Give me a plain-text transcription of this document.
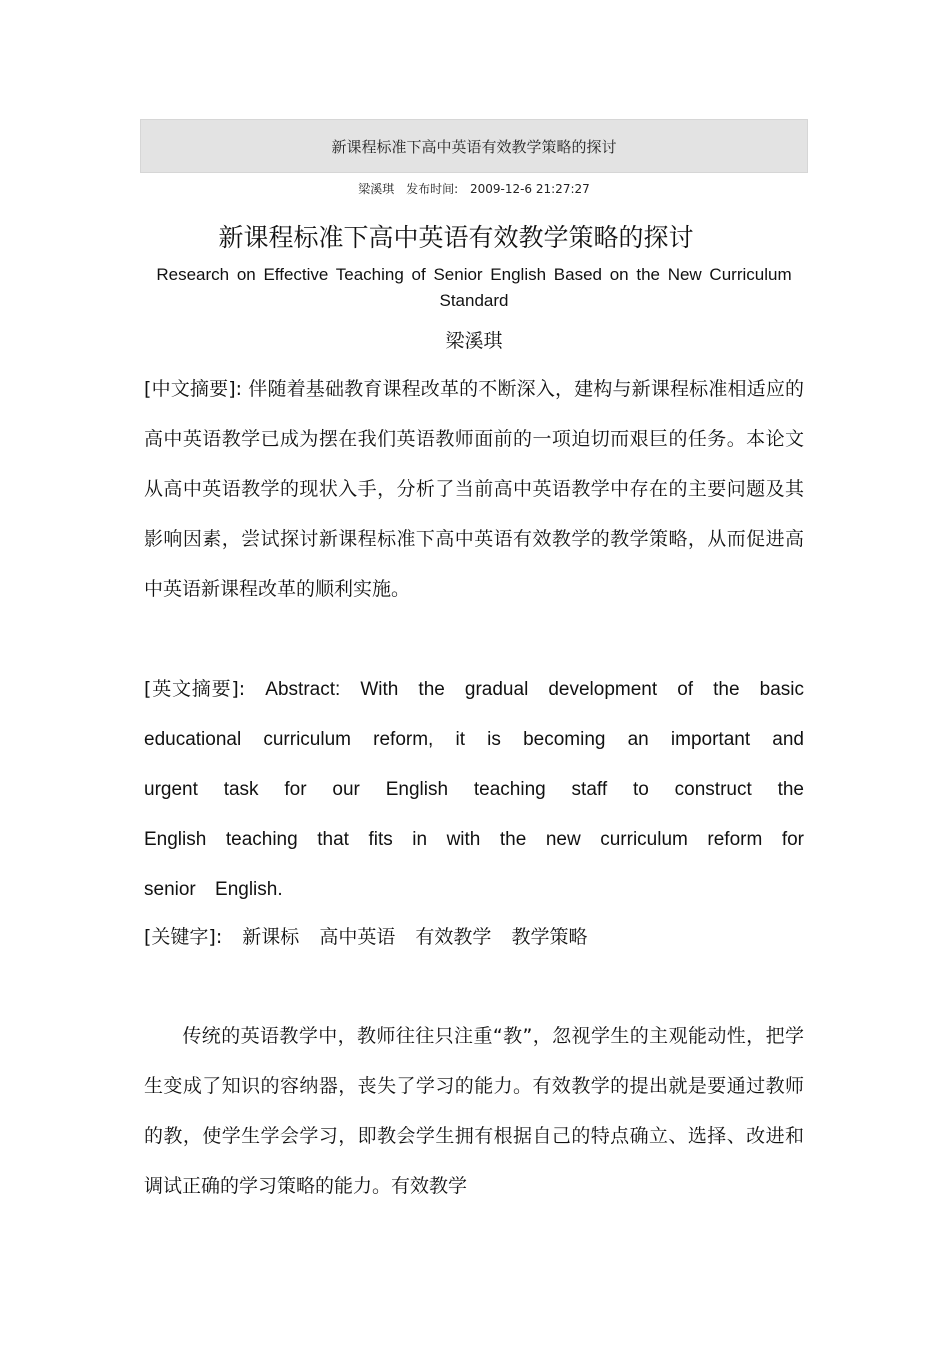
新课程标准下高中英语有效教学策略的探讨
梁溪琪 发布时间: 2009-12-6 21:27:27
新课程标准下高中英语有效教学策略的探讨
Research on Effective Teaching of Senior English Based on the New Curriculum Standard
梁溪琪
[中文摘要]: 伴随着基础教育课程改革的不断深入，建构与新课程标准相适应的高中英语教学已成为摆在我们英语教师面前的一项迫切而艰巨的任务。本论文从高中英语教学的现状入手，分析了当前高中英语教学中存在的主要问题及其影响因素，尝试探讨新课程标准下高中英语有效教学的教学策略，从而促进高中英语新课程改革的顺利实施。
[英文摘要]: Abstract: With the gradual development of the basic educational curriculum reform, it is becoming an important and urgent task for our English teaching staff to construct the English teaching that fits in with the new curriculum reform for senior English.
[关键字]: 新课标 高中英语 有效教学 教学策略
传统的英语教学中，教师往往只注重“教”，忽视学生的主观能动性，把学生变成了知识的容纳器，丧失了学习的能力。有效教学的提出就是要通过教师的教，使学生学会学习，即教会学生拥有根据自己的特点确立、选择、改进和调试正确的学习策略的能力。有效教学
